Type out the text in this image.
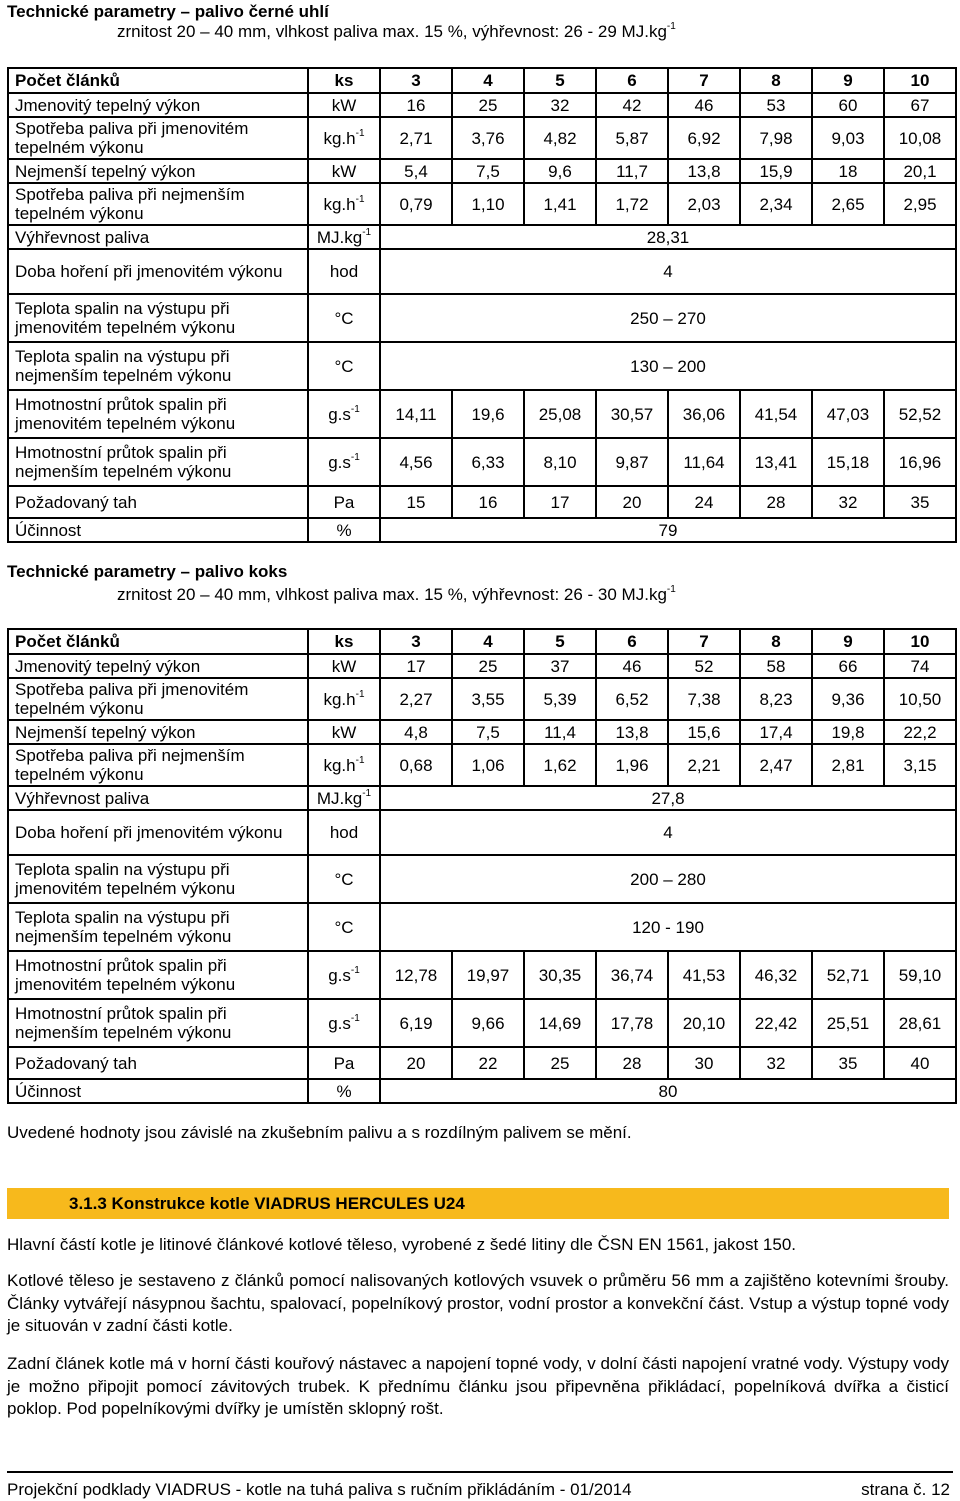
Technické parametry – palivo černé uhlí
zrnitost 20 – 40 mm, vlhkost paliva max. 15 %, výhřevnost: 26 - 29 $MJ.kg^{-1}$
Počet článků	ks	3	4	5	6	7	8	9	10
Jmenovitý tepelný výkon	kW	16	25	32	42	46	53	60	67
Spotřeba paliva při jmenovitém tepelném výkonu	$kg.h^{-1}$	2,71	3,76	4,82	5,87	6,92	7,98	9,03	10,08
Nejmenší tepelný výkon	kW	5,4	7,5	9,6	11,7	13,8	15,9	18	20,1
Spotřeba paliva při nejmenším tepelném výkonu	$kg.h^{-1}$	0,79	1,10	1,41	1,72	2,03	2,34	2,65	2,95
Výhřevnost paliva	$MJ.kg^{-1}$	28,31							
Doba hoření při jmenovitém výkonu	hod	4							
Teplota spalin na výstupu při jmenovitém tepelném výkonu	°C	250 – 270							
Teplota spalin na výstupu při nejmenším tepelném výkonu	°C	130 – 200							
Hmotnostní průtok spalin při jmenovitém tepelném výkonu	$g.s^{-1}$	14,11	19,6	25,08	30,57	36,06	41,54	47,03	52,52
Hmotnostní průtok spalin při nejmenším tepelném výkonu	$g.s^{-1}$	4,56	6,33	8,10	9,87	11,64	13,41	15,18	16,96
Požadovaný tah	Pa	15	16	17	20	24	28	32	35
Účinnost	%	79							
Technické parametry – palivo koks
zrnitost 20 – 40 mm, vlhkost paliva max. 15 %, výhřevnost: 26 - 30 $MJ.kg^{-1}$
Počet článků	ks	3	4	5	6	7	8	9	10
Jmenovitý tepelný výkon	kW	17	25	37	46	52	58	66	74
Spotřeba paliva při jmenovitém tepelném výkonu	$kg.h^{-1}$	2,27	3,55	5,39	6,52	7,38	8,23	9,36	10,50
Nejmenší tepelný výkon	kW	4,8	7,5	11,4	13,8	15,6	17,4	19,8	22,2
Spotřeba paliva při nejmenším tepelném výkonu	$kg.h^{-1}$	0,68	1,06	1,62	1,96	2,21	2,47	2,81	3,15
Výhřevnost paliva	$MJ.kg^{-1}$	27,8							
Doba hoření při jmenovitém výkonu	hod	4							
Teplota spalin na výstupu při jmenovitém tepelném výkonu	°C	200 – 280							
Teplota spalin na výstupu při nejmenším tepelném výkonu	°C	120 - 190							
Hmotnostní průtok spalin při jmenovitém tepelném výkonu	$g.s^{-1}$	12,78	19,97	30,35	36,74	41,53	46,32	52,71	59,10
Hmotnostní průtok spalin při nejmenším tepelném výkonu	$g.s^{-1}$	6,19	9,66	14,69	17,78	20,10	22,42	25,51	28,61
Požadovaný tah	Pa	20	22	25	28	30	32	35	40
Účinnost	%	80							
Uvedené hodnoty jsou závislé na zkušebním palivu a s rozdílným palivem se mění.
3.1.3 Konstrukce kotle VIADRUS HERCULES U24
Hlavní částí kotle je litinové článkové kotlové těleso, vyrobené z šedé litiny dle ČSN EN 1561, jakost 150.
Kotlové těleso je sestaveno z článků pomocí nalisovaných kotlových vsuvek o průměru 56 mm a zajištěno kotevními šrouby. Články vytvářejí násypnou šachtu, spalovací, popelníkový prostor, vodní prostor a konvekční část. Vstup a výstup topné vody je situován v zadní části kotle.
Zadní článek kotle má v horní části kouřový nástavec a napojení topné vody, v dolní části napojení vratné vody. Výstupy vody je možno připojit pomocí závitových trubek. K přednímu článku jsou připevněna přikládací, popelníková dvířka a čisticí poklop. Pod popelníkovými dvířky je umístěn sklopný rošt.
Projekční podklady VIADRUS - kotle na tuhá paliva s ručním přikládáním - 01/2014	strana č. 12
